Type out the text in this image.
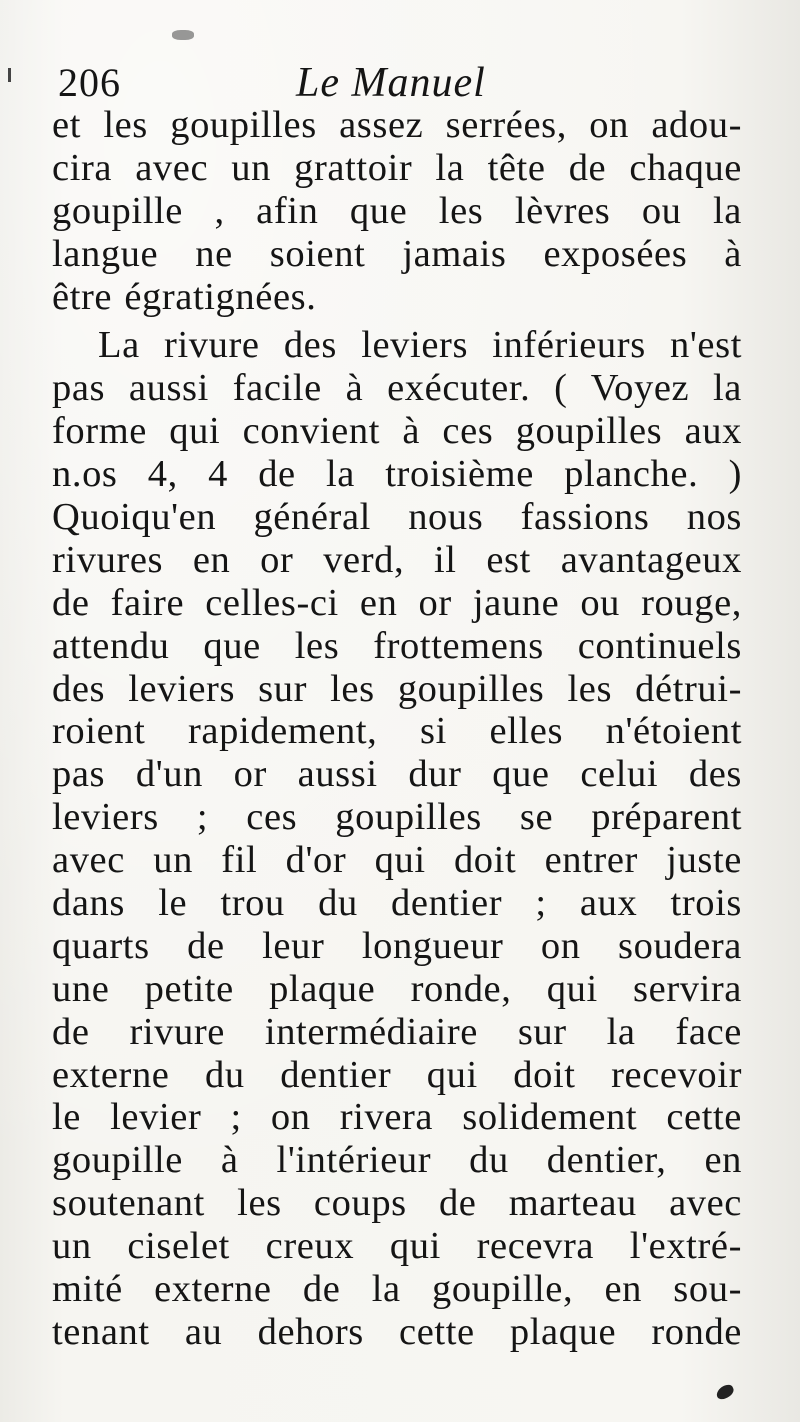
206	Le Manuel
et les goupilles assez serrées, on adou-
cira avec un grattoir la tête de chaque
goupille , afin que les lèvres ou la
langue ne soient jamais exposées à
être égratignées.
La rivure des leviers inférieurs n'est
pas aussi facile à exécuter. ( Voyez la
forme qui convient à ces goupilles aux
n.os 4, 4 de la troisième planche. )
Quoiqu'en général nous fassions nos
rivures en or verd, il est avantageux
de faire celles-ci en or jaune ou rouge,
attendu que les frottemens continuels
des leviers sur les goupilles les détrui-
roient rapidement, si elles n'étoient
pas d'un or aussi dur que celui des
leviers ; ces goupilles se préparent
avec un fil d'or qui doit entrer juste
dans le trou du dentier ; aux trois
quarts de leur longueur on soudera
une petite plaque ronde, qui servira
de rivure intermédiaire sur la face
externe du dentier qui doit recevoir
le levier ; on rivera solidement cette
goupille à l'intérieur du dentier, en
soutenant les coups de marteau avec
un ciselet creux qui recevra l'extré-
mité externe de la goupille, en sou-
tenant au dehors cette plaque ronde
